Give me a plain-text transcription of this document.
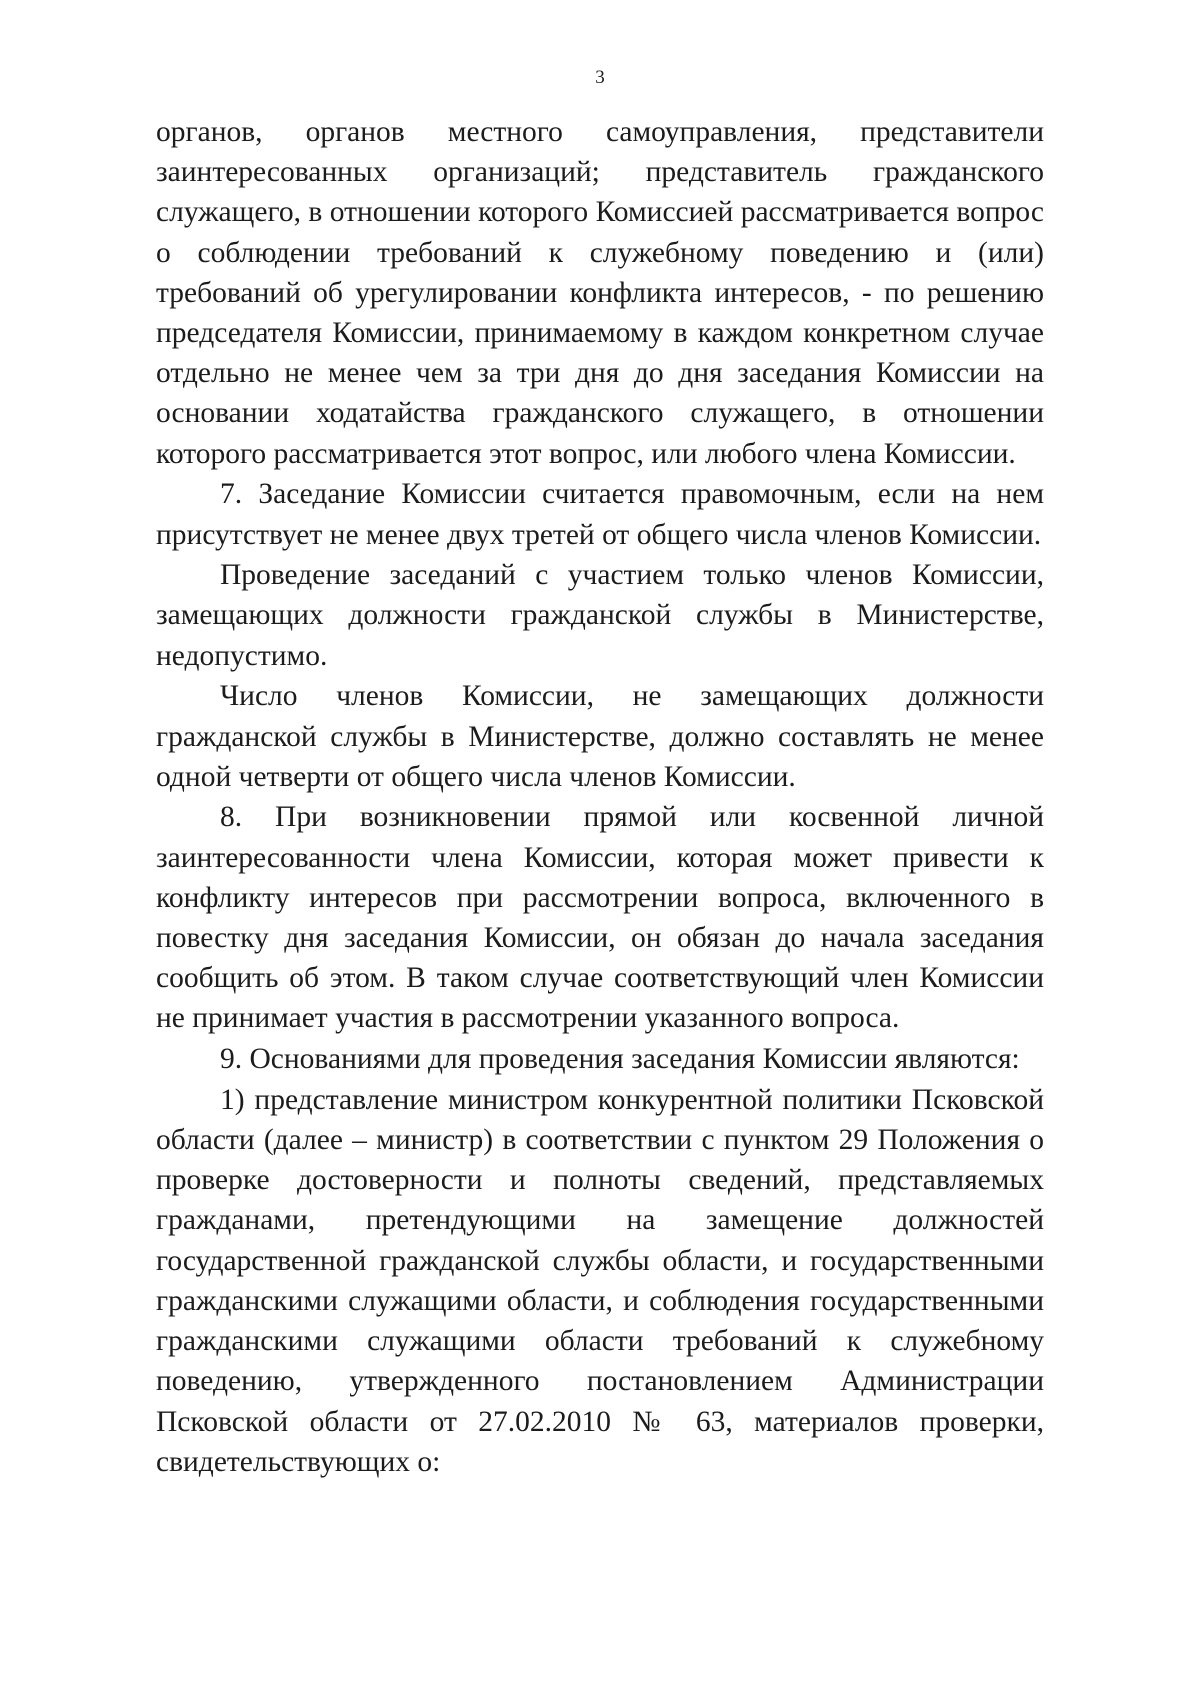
3

органов, органов местного самоуправления, представители заинтересованных организаций; представитель гражданского служащего, в отношении которого Комиссией рассматривается вопрос о соблюдении требований к служебному поведению и (или) требований об урегулировании конфликта интересов, - по решению председателя Комиссии, принимаемому в каждом конкретном случае отдельно не менее чем за три дня до дня заседания Комиссии на основании ходатайства гражданского служащего, в отношении которого рассматривается этот вопрос, или любого члена Комиссии.

7. Заседание Комиссии считается правомочным, если на нем присутствует не менее двух третей от общего числа членов Комиссии.

Проведение заседаний с участием только членов Комиссии, замещающих должности гражданской службы в Министерстве, недопустимо.

Число членов Комиссии, не замещающих должности гражданской службы в Министерстве, должно составлять не менее одной четверти от общего числа членов Комиссии.

8. При возникновении прямой или косвенной личной заинтересованности члена Комиссии, которая может привести к конфликту интересов при рассмотрении вопроса, включенного в повестку дня заседания Комиссии, он обязан до начала заседания сообщить об этом. В таком случае соответствующий член Комиссии не принимает участия в рассмотрении указанного вопроса.

9. Основаниями для проведения заседания Комиссии являются:

1) представление министром конкурентной политики Псковской области (далее – министр) в соответствии с пунктом 29 Положения о проверке достоверности и полноты сведений, представляемых гражданами, претендующими на замещение должностей государственной гражданской службы области, и государственными гражданскими служащими области, и соблюдения государственными гражданскими служащими области требований к служебному поведению, утвержденного постановлением Администрации Псковской области от 27.02.2010 № 63, материалов проверки, свидетельствующих о:
